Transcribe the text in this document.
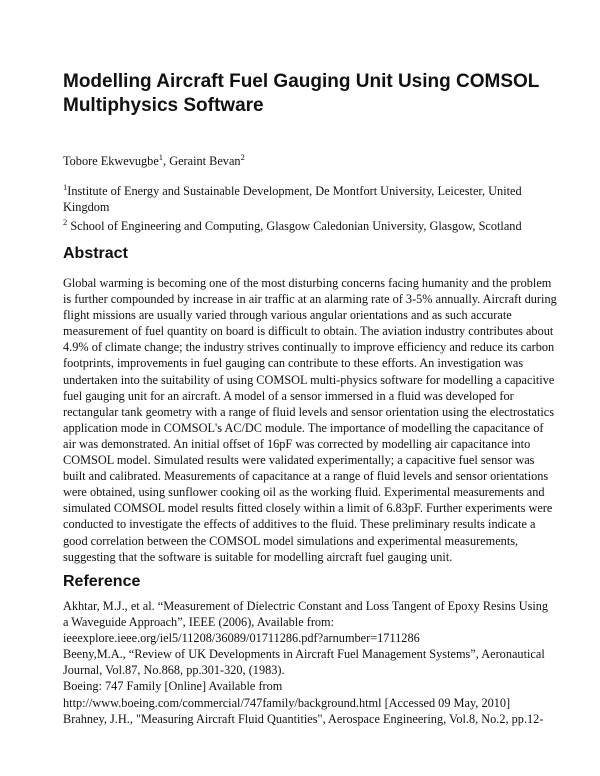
Modelling Aircraft Fuel Gauging Unit Using COMSOL Multiphysics Software
Tobore Ekwevugbe$^1$, Geraint Bevan$^2$
$^1$Institute of Energy and Sustainable Development, De Montfort University, Leicester, United
Kingdom
$^2$ School of Engineering and Computing, Glasgow Caledonian University, Glasgow, Scotland
Abstract
Global warming is becoming one of the most disturbing concerns facing humanity and the problem
is further compounded by increase in air traffic at an alarming rate of 3-5% annually. Aircraft during
flight missions are usually varied through various angular orientations and as such accurate
measurement of fuel quantity on board is difficult to obtain. The aviation industry contributes about
4.9% of climate change; the industry strives continually to improve efficiency and reduce its carbon
footprints, improvements in fuel gauging can contribute to these efforts. An investigation was
undertaken into the suitability of using COMSOL multi-physics software for modelling a capacitive
fuel gauging unit for an aircraft. A model of a sensor immersed in a fluid was developed for
rectangular tank geometry with a range of fluid levels and sensor orientation using the electrostatics
application mode in COMSOL's AC/DC module. The importance of modelling the capacitance of
air was demonstrated. An initial offset of 16pF was corrected by modelling air capacitance into
COMSOL model. Simulated results were validated experimentally; a capacitive fuel sensor was
built and calibrated. Measurements of capacitance at a range of fluid levels and sensor orientations
were obtained, using sunflower cooking oil as the working fluid. Experimental measurements and
simulated COMSOL model results fitted closely within a limit of 6.83pF. Further experiments were
conducted to investigate the effects of additives to the fluid. These preliminary results indicate a
good correlation between the COMSOL model simulations and experimental measurements,
suggesting that the software is suitable for modelling aircraft fuel gauging unit.
Reference
Akhtar, M.J., et al. “Measurement of Dielectric Constant and Loss Tangent of Epoxy Resins Using
a Waveguide Approach”, IEEE (2006), Available from:
ieeexplore.ieee.org/iel5/11208/36089/01711286.pdf?arnumber=1711286
Beeny,M.A., “Review of UK Developments in Aircraft Fuel Management Systems”, Aeronautical
Journal, Vol.87, No.868, pp.301-320, (1983).
Boeing: 747 Family [Online] Available from
http://www.boeing.com/commercial/747family/background.html [Accessed 09 May, 2010]
Brahney, J.H., "Measuring Aircraft Fluid Quantities", Aerospace Engineering, Vol.8, No.2, pp.12-
